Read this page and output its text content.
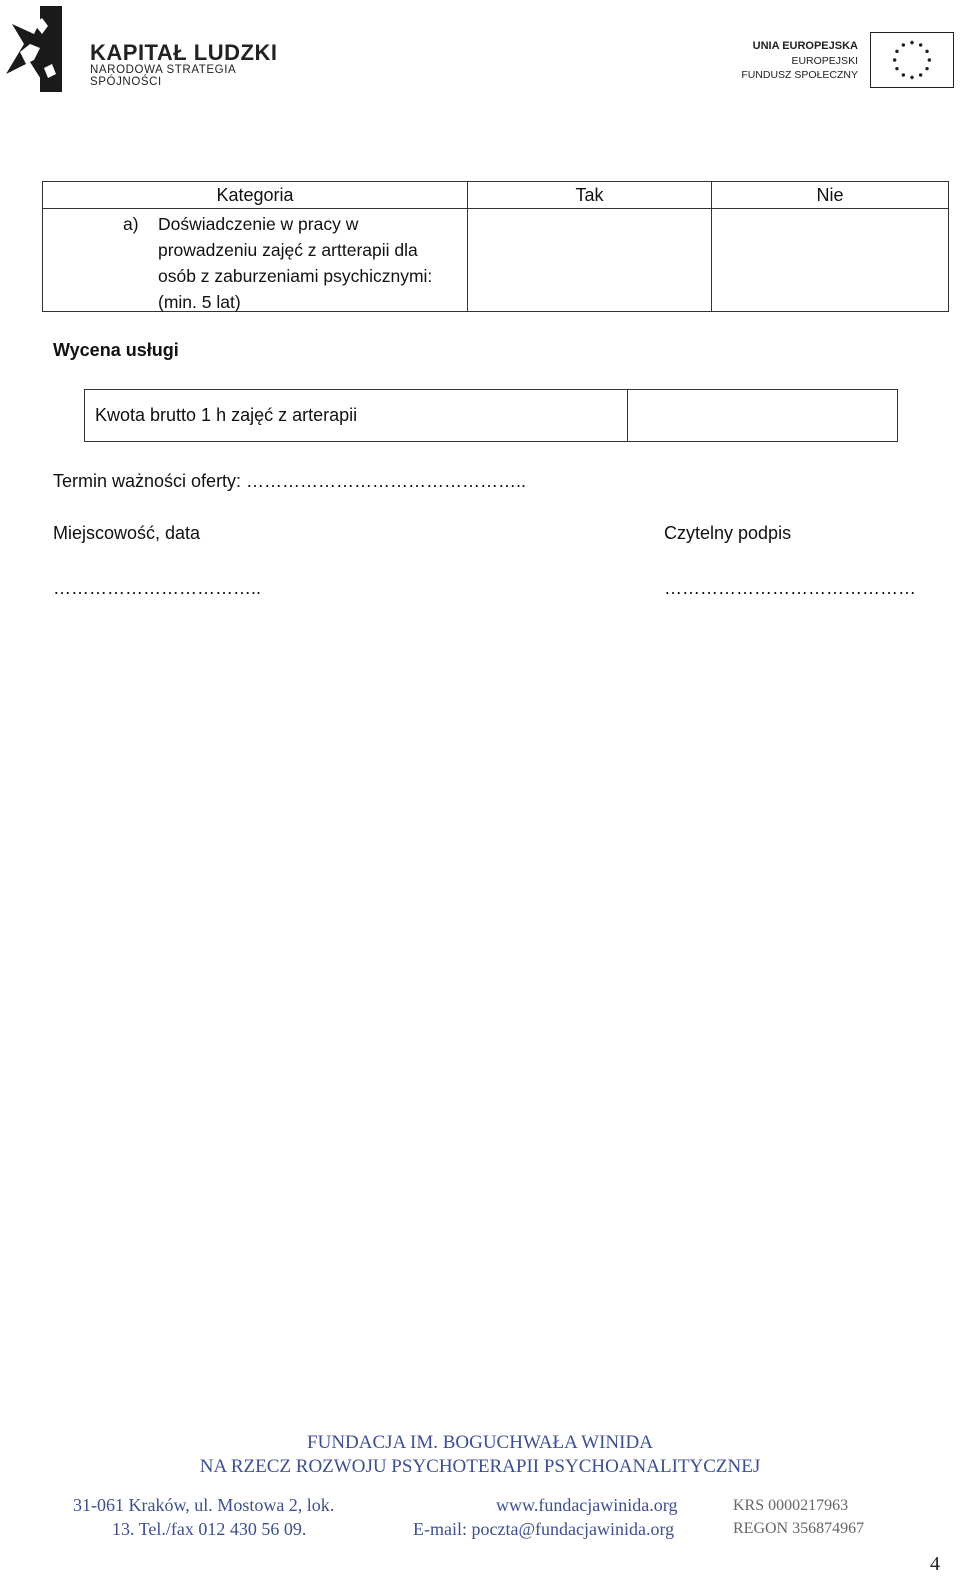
KAPITAŁ LUDZKI
NARODOWA STRATEGIA SPÓJNOŚCI
UNIA EUROPEJSKA
EUROPEJSKI
FUNDUSZ SPOŁECZNY
Kategoria	Tak	Nie
a) Doświadczenie w pracy w
prowadzeniu zajęć z artterapii dla
osób z zaburzeniami psychicznymi:
(min. 5 lat)
Wycena usługi
Kwota brutto 1 h zajęć z arterapii
Termin ważności oferty: ………………………………………..
Miejscowość, data	Czytelny podpis
……………………………..	……………………………………
FUNDACJA IM. BOGUCHWAŁA WINIDA
NA RZECZ ROZWOJU PSYCHOTERAPII PSYCHOANALITYCZNEJ
31-061 Kraków, ul. Mostowa 2, lok.
13. Tel./fax 012 430 56 09.
www.fundacjawinida.org
E-mail: poczta@fundacjawinida.org
KRS 0000217963
REGON 356874967
4
